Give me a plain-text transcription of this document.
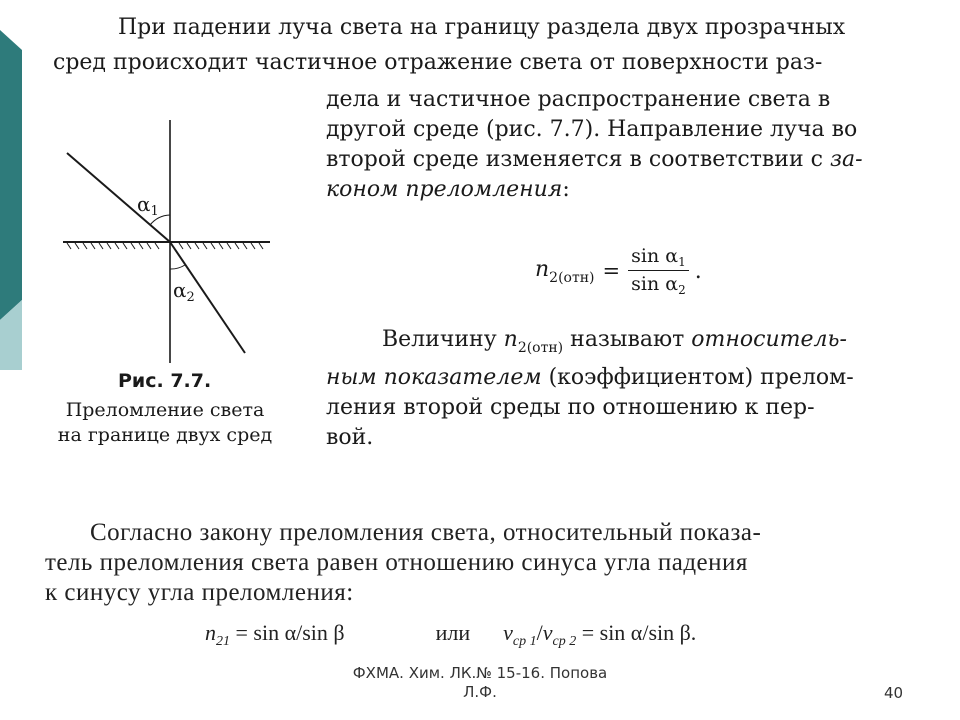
При падении луча света на границу раздела двух прозрачных
сред происходит частичное отражение света от поверхности раз-
дела и частичное распространение света в
другой среде (рис. 7.7). Направление луча во
второй среде изменяется в соответствии с за-
коном преломления:
$\alpha_1$
$\alpha_2$
Рис. 7.7.
Преломление света
на границе двух сред
$n_{2(отн)} = \frac{\sin \alpha_1}{\sin \alpha_2}$ .
Величину $n_{2(отн)}$ называют относитель-
ным показателем (коэффициентом) прелом-
ления второй среды по отношению к пер-
вой.
Согласно закону преломления света, относительный показа-
тель преломления света равен отношению синуса угла падения
к синусу угла преломления:
$n_{21} = \sin \alpha/\sin$ β	или $v_{ср 1}/v_{ср 2} = \sin \alpha/\sin$ β.
ФХМА. Хим. ЛК.№ 15-16. Попова
Л.Ф.	40
